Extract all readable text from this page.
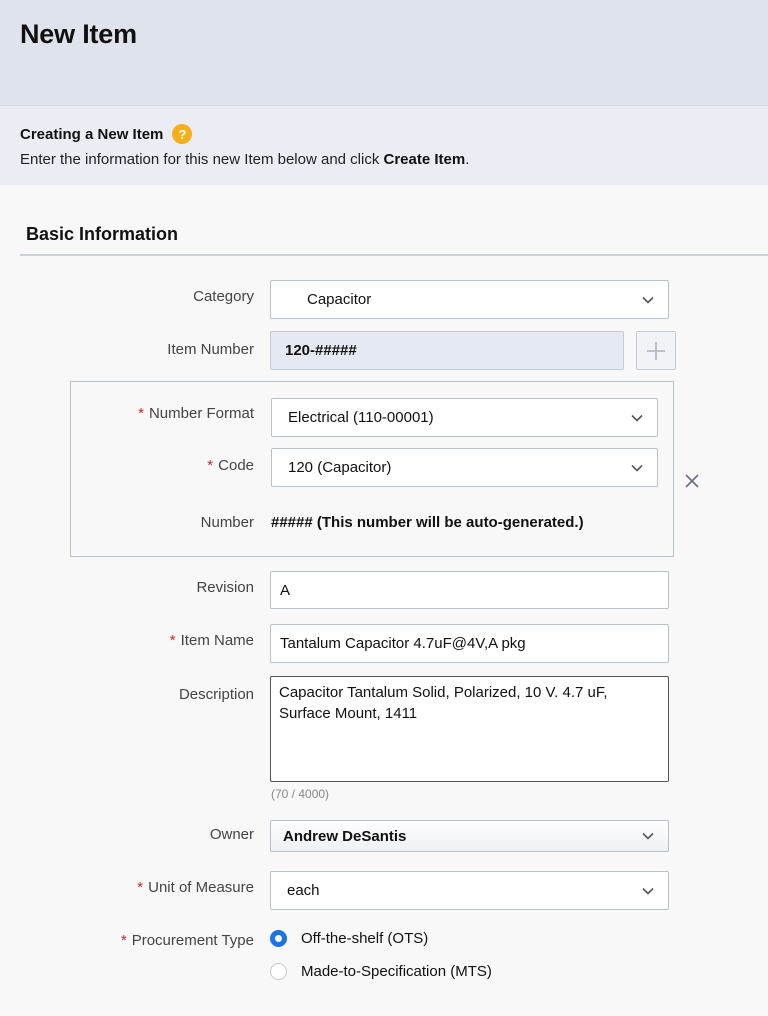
New Item
Creating a New Item	?
Enter the information for this new Item below and click Create Item.
Basic Information
Category	Capacitor
Item Number 120-#####
* Number Format Electrical (110-00001)
* Code 120 (Capacitor)
Number ##### (This number will be auto-generated.)
Revision A
* Item Name Tantalum Capacitor 4.7uF@4V,A pkg
Description
Capacitor Tantalum Solid, Polarized, 10 V. 4.7 uF, Surface Mount, 1411
(70 / 4000)
Owner Andrew DeSantis
* Unit of Measure each
* Procurement Type	Off-the-shelf (OTS)
Made-to-Specification (MTS)
